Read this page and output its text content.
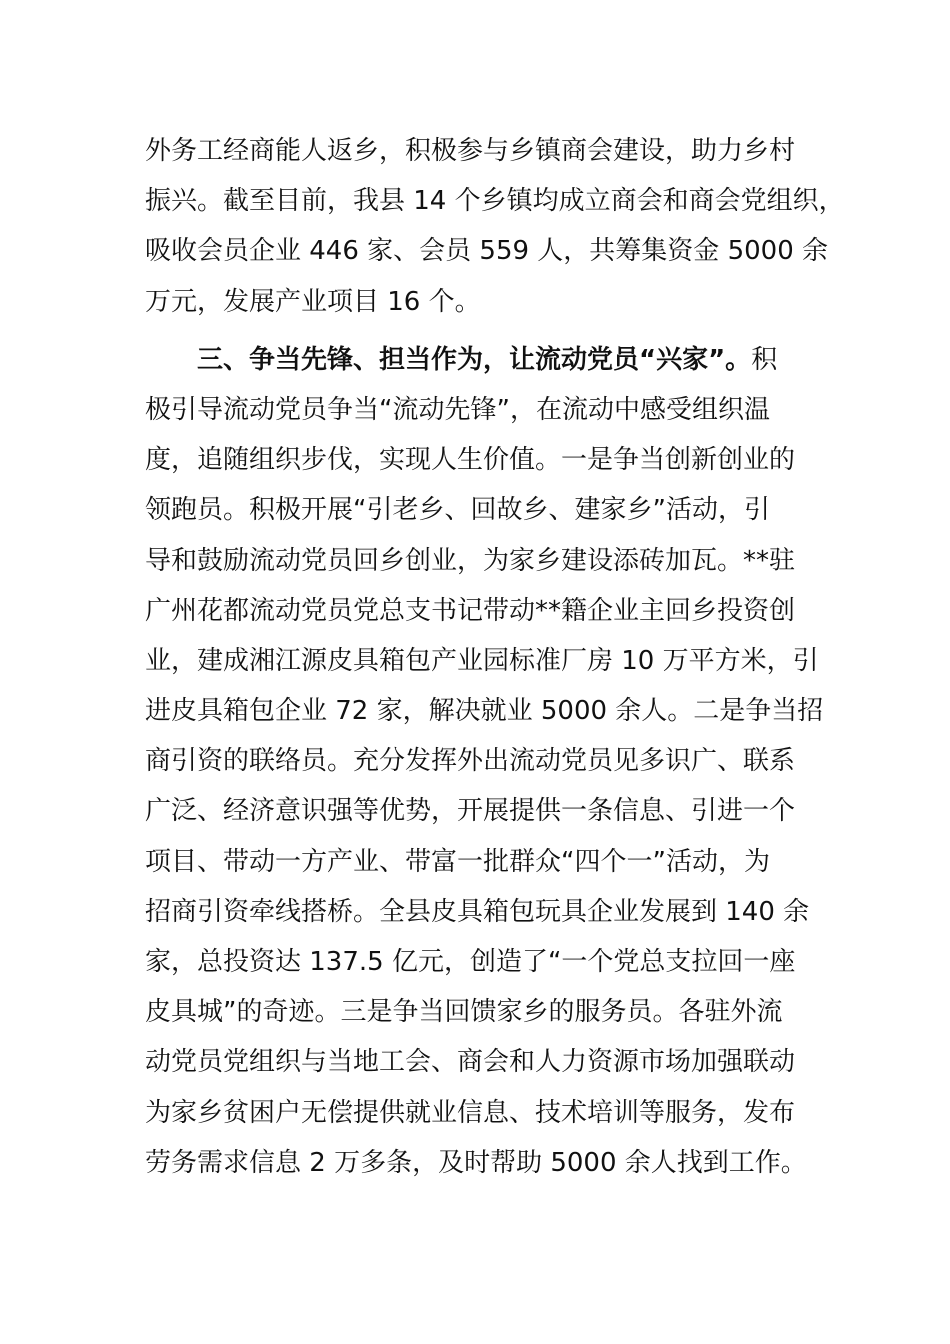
外务工经商能人返乡，积极参与乡镇商会建设，助力乡村
振兴。截至目前，我县 14 个乡镇均成立商会和商会党组织，
吸收会员企业 446 家、会员 559 人，共筹集资金 5000 余
万元，发展产业项目 16 个。
三、争当先锋、担当作为，让流动党员“兴家”。积
极引导流动党员争当“流动先锋”，在流动中感受组织温
度，追随组织步伐，实现人生价值。一是争当创新创业的
领跑员。积极开展“引老乡、回故乡、建家乡”活动，引
导和鼓励流动党员回乡创业，为家乡建设添砖加瓦。**驻
广州花都流动党员党总支书记带动**籍企业主回乡投资创
业，建成湘江源皮具箱包产业园标准厂房 10 万平方米，引
进皮具箱包企业 72 家，解决就业 5000 余人。二是争当招
商引资的联络员。充分发挥外出流动党员见多识广、联系
广泛、经济意识强等优势，开展提供一条信息、引进一个
项目、带动一方产业、带富一批群众“四个一”活动，为
招商引资牵线搭桥。全县皮具箱包玩具企业发展到 140 余
家，总投资达 137.5 亿元，创造了“一个党总支拉回一座
皮具城”的奇迹。三是争当回馈家乡的服务员。各驻外流
动党员党组织与当地工会、商会和人力资源市场加强联动
为家乡贫困户无偿提供就业信息、技术培训等服务，发布
劳务需求信息 2 万多条，及时帮助 5000 余人找到工作。
